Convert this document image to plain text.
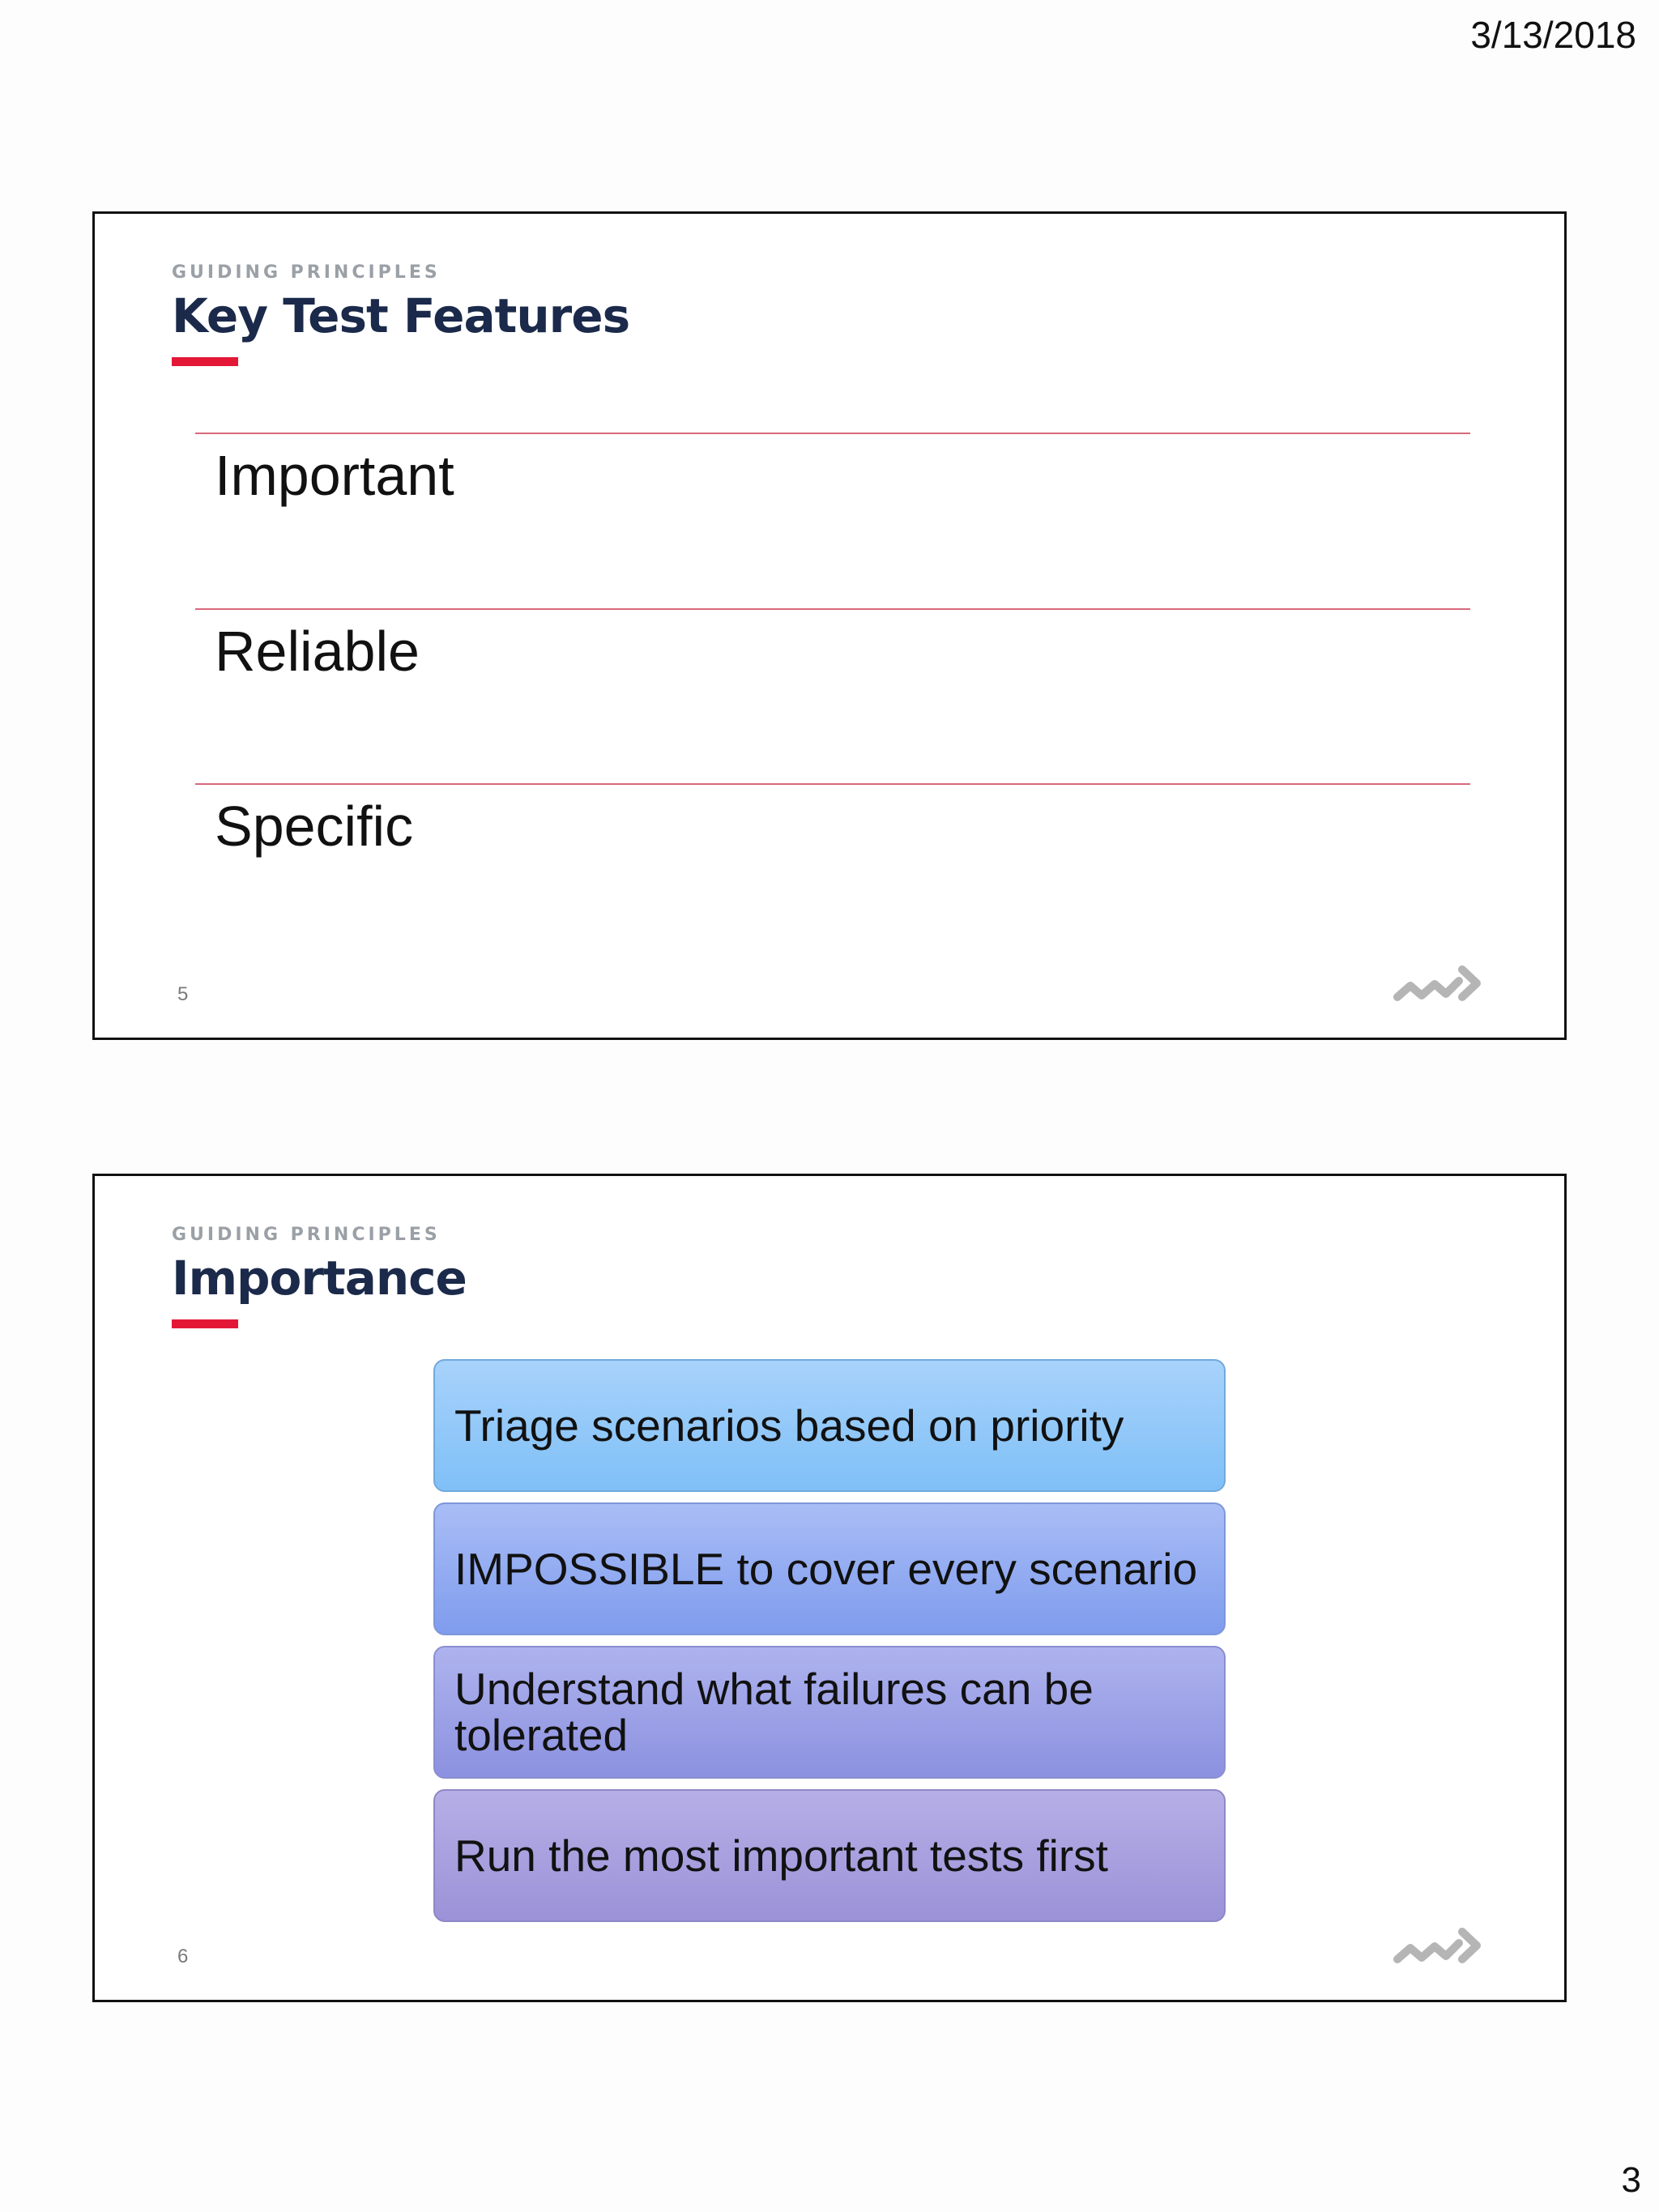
3/13/2018
GUIDING PRINCIPLES
Key Test Features
Important
Reliable
Specific
5
GUIDING PRINCIPLES
Importance
Triage scenarios based on priority
IMPOSSIBLE to cover every scenario
Understand what failures can be tolerated
Run the most important tests first
6
3
